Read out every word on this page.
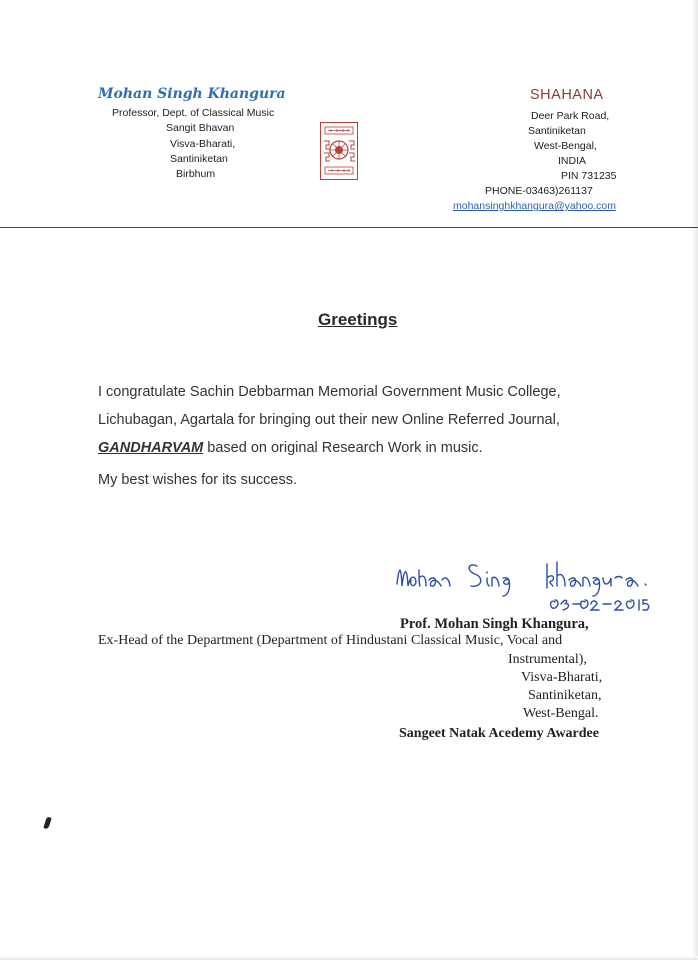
Mohan Singh Khangura
Professor, Dept. of Classical Music
Sangit Bhavan
Visva-Bharati,
Santiniketan
Birbhum
SHAHANA
Deer Park Road,
Santiniketan
West-Bengal,
INDIA
PIN 731235
PHONE-03463)261137
mohansinghkhangura@yahoo.com
Greetings
I congratulate Sachin Debbarman Memorial Government Music College,
Lichubagan, Agartala for bringing out their new Online Referred Journal,
GANDHARVAM based on original Research Work in music.
My best wishes for its success.
Prof. Mohan Singh Khangura,
Ex-Head of the Department (Department of Hindustani Classical Music, Vocal and
Instrumental),
Visva-Bharati,
Santiniketan,
West-Bengal.
Sangeet Natak Acedemy Awardee
